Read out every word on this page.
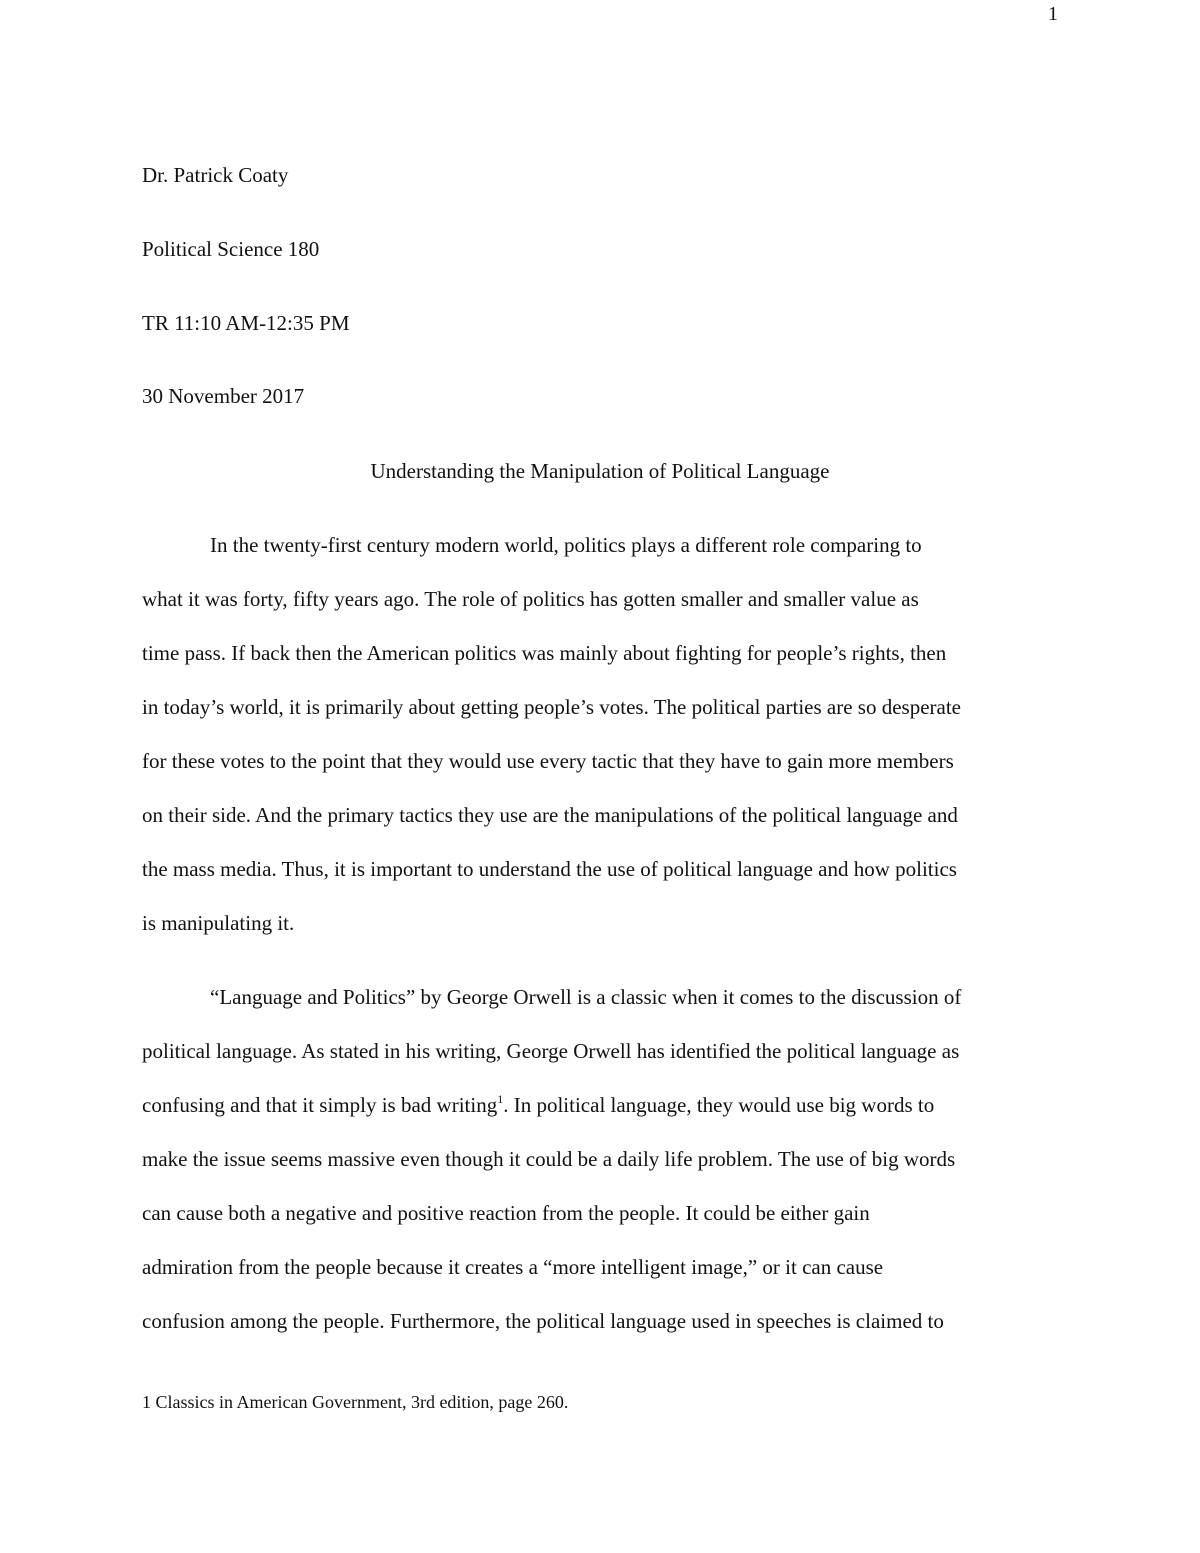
1
Dr. Patrick Coaty
Political Science 180
TR 11:10 AM-12:35 PM
30 November 2017
Understanding the Manipulation of Political Language
In the twenty-first century modern world, politics plays a different role comparing to
what it was forty, fifty years ago. The role of politics has gotten smaller and smaller value as
time pass. If back then the American politics was mainly about fighting for people’s rights, then
in today’s world, it is primarily about getting people’s votes. The political parties are so desperate
for these votes to the point that they would use every tactic that they have to gain more members
on their side. And the primary tactics they use are the manipulations of the political language and
the mass media. Thus, it is important to understand the use of political language and how politics
is manipulating it.
“Language and Politics” by George Orwell is a classic when it comes to the discussion of
political language. As stated in his writing, George Orwell has identified the political language as
confusing and that it simply is bad writing$^1$. In political language, they would use big words to
make the issue seems massive even though it could be a daily life problem. The use of big words
can cause both a negative and positive reaction from the people. It could be either gain
admiration from the people because it creates a “more intelligent image,” or it can cause
confusion among the people. Furthermore, the political language used in speeches is claimed to
1 Classics in American Government, 3rd edition, page 260.
